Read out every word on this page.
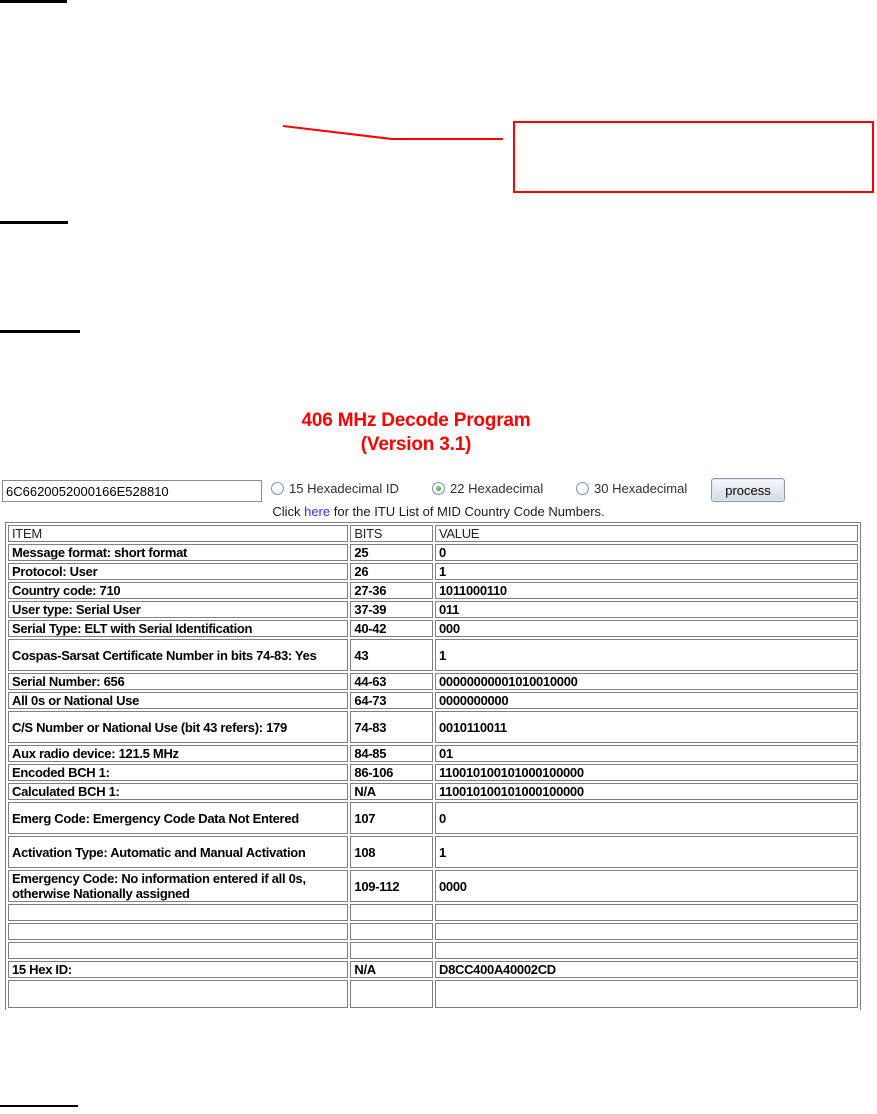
406 MHz Decode Program
(Version 3.1)
6C6620052000166E528810
15 Hexadecimal ID	22 Hexadecimal	30 Hexadecimal	process
Click here for the ITU List of MID Country Code Numbers.
ITEM	BITS	VALUE
Message format: short format	25	0
Protocol: User	26	1
Country code: 710	27-36	1011000110
User type: Serial User	37-39	011
Serial Type: ELT with Serial Identification	40-42	000
Cospas-Sarsat Certificate Number in bits 74-83: Yes	43	1
Serial Number: 656	44-63	00000000001010010000
All 0s or National Use	64-73	0000000000
C/S Number or National Use (bit 43 refers): 179	74-83	0010110011
Aux radio device: 121.5 MHz	84-85	01
Encoded BCH 1:	86-106	110010100101000100000
Calculated BCH 1:	N/A	110010100101000100000
Emerg Code: Emergency Code Data Not Entered	107	0
Activation Type: Automatic and Manual Activation	108	1
Emergency Code: No information entered if all 0s, otherwise Nationally assigned	109-112	0000

15 Hex ID:	N/A	D8CC400A40002CD
